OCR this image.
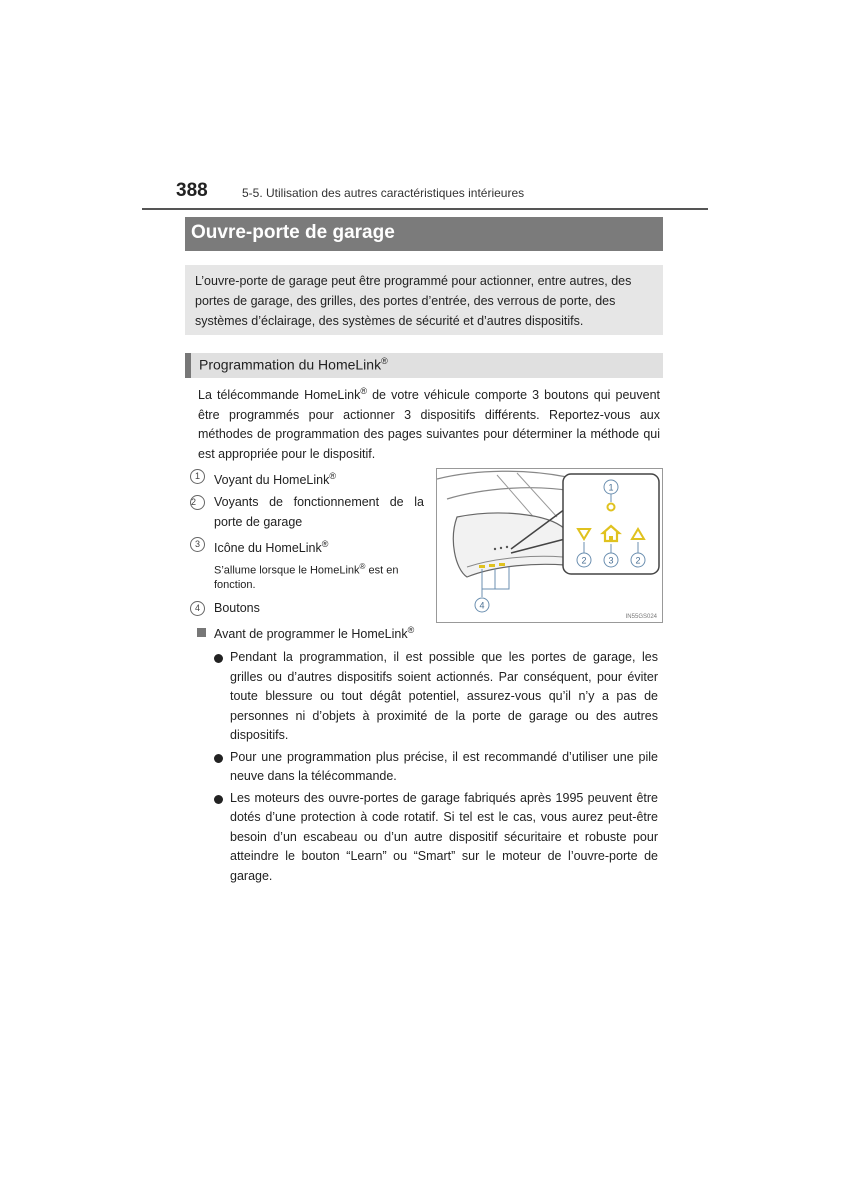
388	5-5. Utilisation des autres caractéristiques intérieures
Ouvre-porte de garage
L’ouvre-porte de garage peut être programmé pour actionner, entre autres, des portes de garage, des grilles, des portes d’entrée, des verrous de porte, des systèmes d’éclairage, des systèmes de sécurité et d’autres dispositifs.
Programmation du HomeLink®
La télécommande HomeLink® de votre véhicule comporte 3 boutons qui peuvent être programmés pour actionner 3 dispositifs différents. Reportez-vous aux méthodes de programmation des pages suivantes pour déterminer la méthode qui est appropriée pour le dispositif.
1	Voyant du HomeLink®
2	Voyants de fonctionnement de la porte de garage
3	Icône du HomeLink®
S’allume lorsque le HomeLink® est en fonction.
4	Boutons	4
1
2 3 2
IN55GS024
Avant de programmer le HomeLink®
Pendant la programmation, il est possible que les portes de garage, les grilles ou d’autres dispositifs soient actionnés. Par conséquent, pour éviter toute blessure ou tout dégât potentiel, assurez-vous qu’il n’y a pas de personnes ni d’objets à proximité de la porte de garage ou des autres dispositifs.
Pour une programmation plus précise, il est recommandé d’utiliser une pile neuve dans la télécommande.
Les moteurs des ouvre-portes de garage fabriqués après 1995 peuvent être dotés d’une protection à code rotatif. Si tel est le cas, vous aurez peut-être besoin d’un escabeau ou d’un autre dispositif sécuritaire et robuste pour atteindre le bouton “Learn” ou “Smart” sur le moteur de l’ouvre-porte de garage.
